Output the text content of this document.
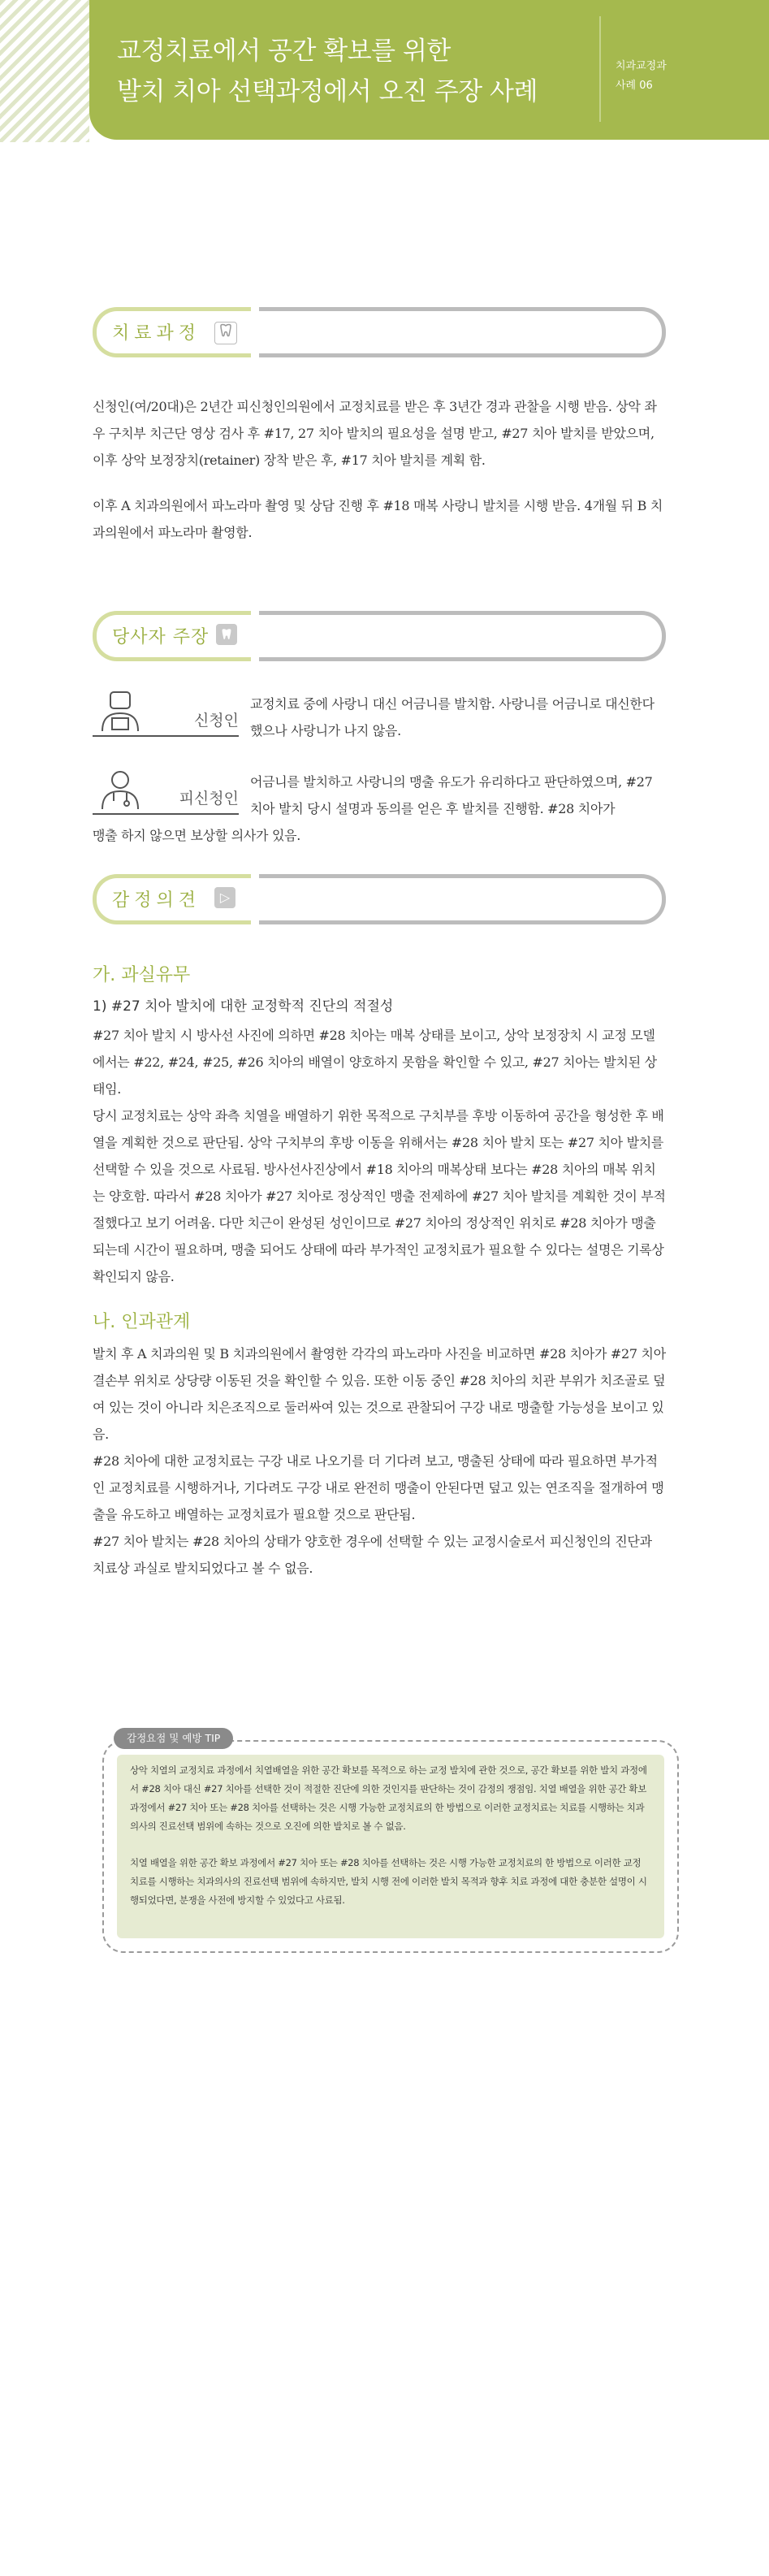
교정치료에서 공간 확보를 위한
발치 치아 선택과정에서 오진 주장 사례
치과교정과
사례 06
치료과정
신청인(여/20대)은 2년간 피신청인의원에서 교정치료를 받은 후 3년간 경과 관찰을 시행 받음. 상악 좌우 구치부 치근단 영상 검사 후 #17, 27 치아 발치의 필요성을 설명 받고, #27 치아 발치를 받았으며, 이후 상악 보정장치(retainer) 장착 받은 후, #17 치아 발치를 계획 함.
이후 A 치과의원에서 파노라마 촬영 및 상담 진행 후 #18 매복 사랑니 발치를 시행 받음. 4개월 뒤 B 치과의원에서 파노라마 촬영함.
당사자 주장
신청인
교정치료 중에 사랑니 대신 어금니를 발치함. 사랑니를 어금니로 대신한다 했으나 사랑니가 나지 않음.
피신청인
어금니를 발치하고 사랑니의 맹출 유도가 유리하다고 판단하였으며, #27 치아 발치 당시 설명과 동의를 얻은 후 발치를 진행함. #28 치아가
맹출 하지 않으면 보상할 의사가 있음.
감정의견	▷
가. 과실유무
1) #27 치아 발치에 대한 교정학적 진단의 적절성
#27 치아 발치 시 방사선 사진에 의하면 #28 치아는 매복 상태를 보이고, 상악 보정장치 시 교정 모델에서는 #22, #24, #25, #26 치아의 배열이 양호하지 못함을 확인할 수 있고, #27 치아는 발치된 상태임.
당시 교정치료는 상악 좌측 치열을 배열하기 위한 목적으로 구치부를 후방 이동하여 공간을 형성한 후 배열을 계획한 것으로 판단됨. 상악 구치부의 후방 이동을 위해서는 #28 치아 발치 또는 #27 치아 발치를 선택할 수 있을 것으로 사료됨. 방사선사진상에서 #18 치아의 매복상태 보다는 #28 치아의 매복 위치는 양호함. 따라서 #28 치아가 #27 치아로 정상적인 맹출 전제하에 #27 치아 발치를 계획한 것이 부적절했다고 보기 어려움. 다만 치근이 완성된 성인이므로 #27 치아의 정상적인 위치로 #28 치아가 맹출 되는데 시간이 필요하며, 맹출 되어도 상태에 따라 부가적인 교정치료가 필요할 수 있다는 설명은 기록상 확인되지 않음.
나. 인과관계
발치 후 A 치과의원 및 B 치과의원에서 촬영한 각각의 파노라마 사진을 비교하면 #28 치아가 #27 치아 결손부 위치로 상당량 이동된 것을 확인할 수 있음. 또한 이동 중인 #28 치아의 치관 부위가 치조골로 덮여 있는 것이 아니라 치은조직으로 둘러싸여 있는 것으로 관찰되어 구강 내로 맹출할 가능성을 보이고 있음.
#28 치아에 대한 교정치료는 구강 내로 나오기를 더 기다려 보고, 맹출된 상태에 따라 필요하면 부가적인 교정치료를 시행하거나, 기다려도 구강 내로 완전히 맹출이 안된다면 덮고 있는 연조직을 절개하여 맹출을 유도하고 배열하는 교정치료가 필요할 것으로 판단됨.
#27 치아 발치는 #28 치아의 상태가 양호한 경우에 선택할 수 있는 교정시술로서 피신청인의 진단과 치료상 과실로 발치되었다고 볼 수 없음.
감정요점 및 예방 TIP
상악 치열의 교정치료 과정에서 치열배열을 위한 공간 확보를 목적으로 하는 교정 발치에 관한 것으로, 공간 확보를 위한 발치 과정에서 #28 치아 대신 #27 치아를 선택한 것이 적절한 진단에 의한 것인지를 판단하는 것이 감정의 쟁점임. 치열 배열을 위한 공간 확보 과정에서 #27 치아 또는 #28 치아를 선택하는 것은 시행 가능한 교정치료의 한 방법으로 이러한 교정치료는 치료를 시행하는 치과의사의 진료선택 범위에 속하는 것으로 오진에 의한 발치로 볼 수 없음.
치열 배열을 위한 공간 확보 과정에서 #27 치아 또는 #28 치아를 선택하는 것은 시행 가능한 교정치료의 한 방법으로 이러한 교정치료를 시행하는 치과의사의 진료선택 범위에 속하지만, 발치 시행 전에 이러한 발치 목적과 향후 치료 과정에 대한 충분한 설명이 시행되었다면, 분쟁을 사전에 방지할 수 있었다고 사료됨.
